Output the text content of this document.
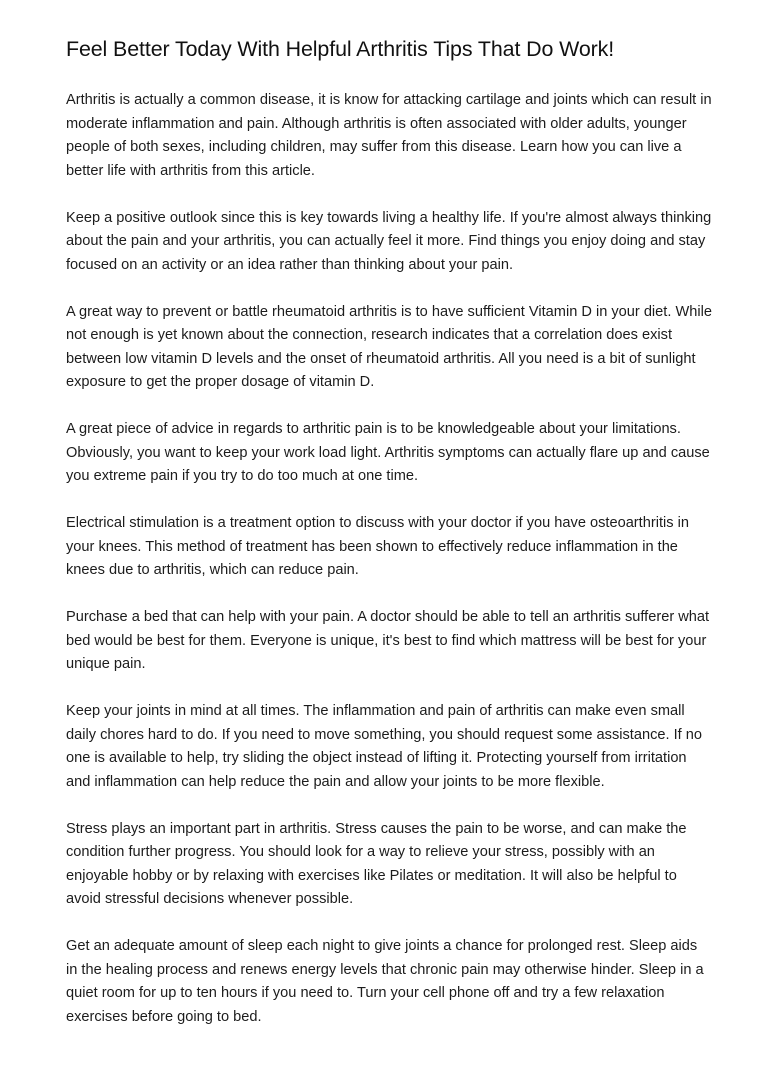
Feel Better Today With Helpful Arthritis Tips That Do Work!

Arthritis is actually a common disease, it is know for attacking cartilage and joints which can result in moderate inflammation and pain. Although arthritis is often associated with older adults, younger people of both sexes, including children, may suffer from this disease. Learn how you can live a better life with arthritis from this article.

Keep a positive outlook since this is key towards living a healthy life. If you're almost always thinking about the pain and your arthritis, you can actually feel it more. Find things you enjoy doing and stay focused on an activity or an idea rather than thinking about your pain.

A great way to prevent or battle rheumatoid arthritis is to have sufficient Vitamin D in your diet. While not enough is yet known about the connection, research indicates that a correlation does exist between low vitamin D levels and the onset of rheumatoid arthritis. All you need is a bit of sunlight exposure to get the proper dosage of vitamin D.

A great piece of advice in regards to arthritic pain is to be knowledgeable about your limitations. Obviously, you want to keep your work load light. Arthritis symptoms can actually flare up and cause you extreme pain if you try to do too much at one time.

Electrical stimulation is a treatment option to discuss with your doctor if you have osteoarthritis in your knees. This method of treatment has been shown to effectively reduce inflammation in the knees due to arthritis, which can reduce pain.

Purchase a bed that can help with your pain. A doctor should be able to tell an arthritis sufferer what bed would be best for them. Everyone is unique, it's best to find which mattress will be best for your unique pain.

Keep your joints in mind at all times. The inflammation and pain of arthritis can make even small daily chores hard to do. If you need to move something, you should request some assistance. If no one is available to help, try sliding the object instead of lifting it. Protecting yourself from irritation and inflammation can help reduce the pain and allow your joints to be more flexible.

Stress plays an important part in arthritis. Stress causes the pain to be worse, and can make the condition further progress. You should look for a way to relieve your stress, possibly with an enjoyable hobby or by relaxing with exercises like Pilates or meditation. It will also be helpful to avoid stressful decisions whenever possible.

Get an adequate amount of sleep each night to give joints a chance for prolonged rest. Sleep aids in the healing process and renews energy levels that chronic pain may otherwise hinder. Sleep in a quiet room for up to ten hours if you need to. Turn your cell phone off and try a few relaxation exercises before going to bed.
